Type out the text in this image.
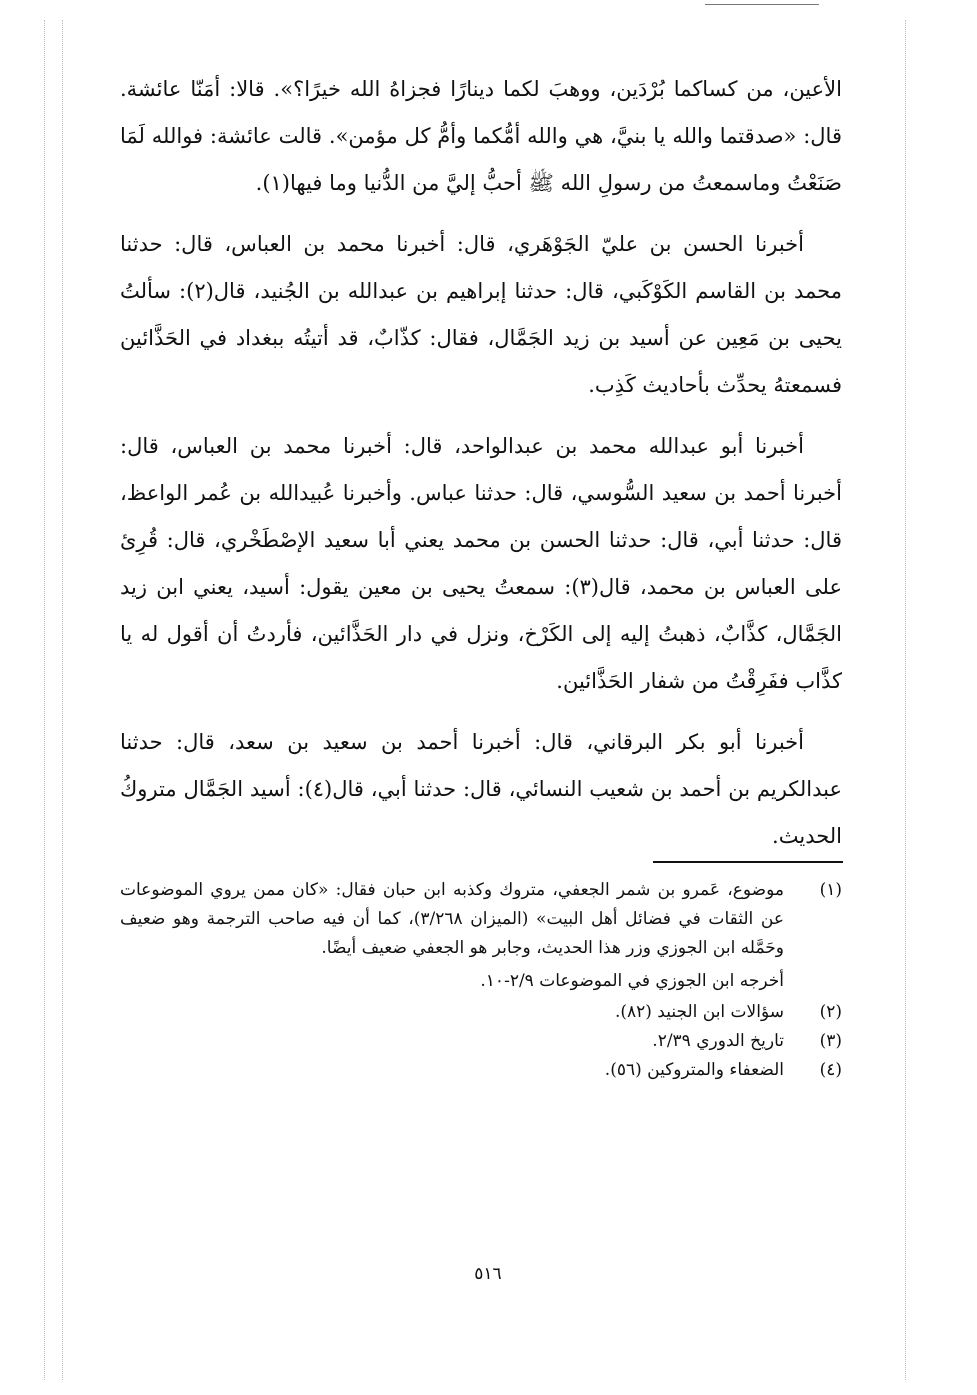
الأعين، من كساكما بُرْدَين، ووهبَ لكما دينارًا فجزاهُ الله خيرًا؟». قالا: أمَنّا عائشة. قال: «صدقتما والله يا بنيَّ، هي والله أمُّكما وأمُّ كل مؤمن». قالت عائشة: فوالله لَمَا صَنَعْتُ وماسمعتُ من رسولِ الله ﷺ أحبُّ إليَّ من الدُّنيا وما فيها(١).

أخبرنا الحسن بن عليّ الجَوْهَري، قال: أخبرنا محمد بن العباس، قال: حدثنا محمد بن القاسم الكَوْكَبي، قال: حدثنا إبراهيم بن عبدالله بن الجُنيد، قال(٢): سألتُ يحيى بن مَعِين عن أسيد بن زيد الجَمَّال، فقال: كذّابٌ، قد أتيتُه ببغداد في الحَذَّائين فسمعتهُ يحدِّث بأحاديث كَذِب.

أخبرنا أبو عبدالله محمد بن عبدالواحد، قال: أخبرنا محمد بن العباس، قال: أخبرنا أحمد بن سعيد السُّوسي، قال: حدثنا عباس. وأخبرنا عُبيدالله بن عُمر الواعظ، قال: حدثنا أبي، قال: حدثنا الحسن بن محمد يعني أبا سعيد الإصْطَخْري، قال: قُرِئ على العباس بن محمد، قال(٣): سمعتُ يحيى بن معين يقول: أسيد، يعني ابن زيد الجَمَّال، كذَّابٌ، ذهبتُ إليه إلى الكَرْخ، ونزل في دار الحَذَّائين، فأردتُ أن أقول له يا كذَّاب ففَرِقْتُ من شفار الحَذَّائين.

أخبرنا أبو بكر البرقاني، قال: أخبرنا أحمد بن سعيد بن سعد، قال: حدثنا عبدالكريم بن أحمد بن شعيب النسائي، قال: حدثنا أبي، قال(٤): أسيد الجَمَّال متروكُ الحديث.

(١)
موضوع، عَمرو بن شمر الجعفي، متروك وكذبه ابن حبان فقال: «كان ممن يروي الموضوعات عن الثقات في فضائل أهل البيت» (الميزان ٣/٢٦٨)، كما أن فيه صاحب الترجمة وهو ضعيف وحَمَّله ابن الجوزي وزر هذا الحديث، وجابر هو الجعفي ضعيف أيضًا.
أخرجه ابن الجوزي في الموضوعات ٢/٩-١٠.
(٢)
سؤالات ابن الجنيد (٨٢).
(٣)
تاريخ الدوري ٢/٣٩.
(٤)
الضعفاء والمتروكين (٥٦).
٥١٦
